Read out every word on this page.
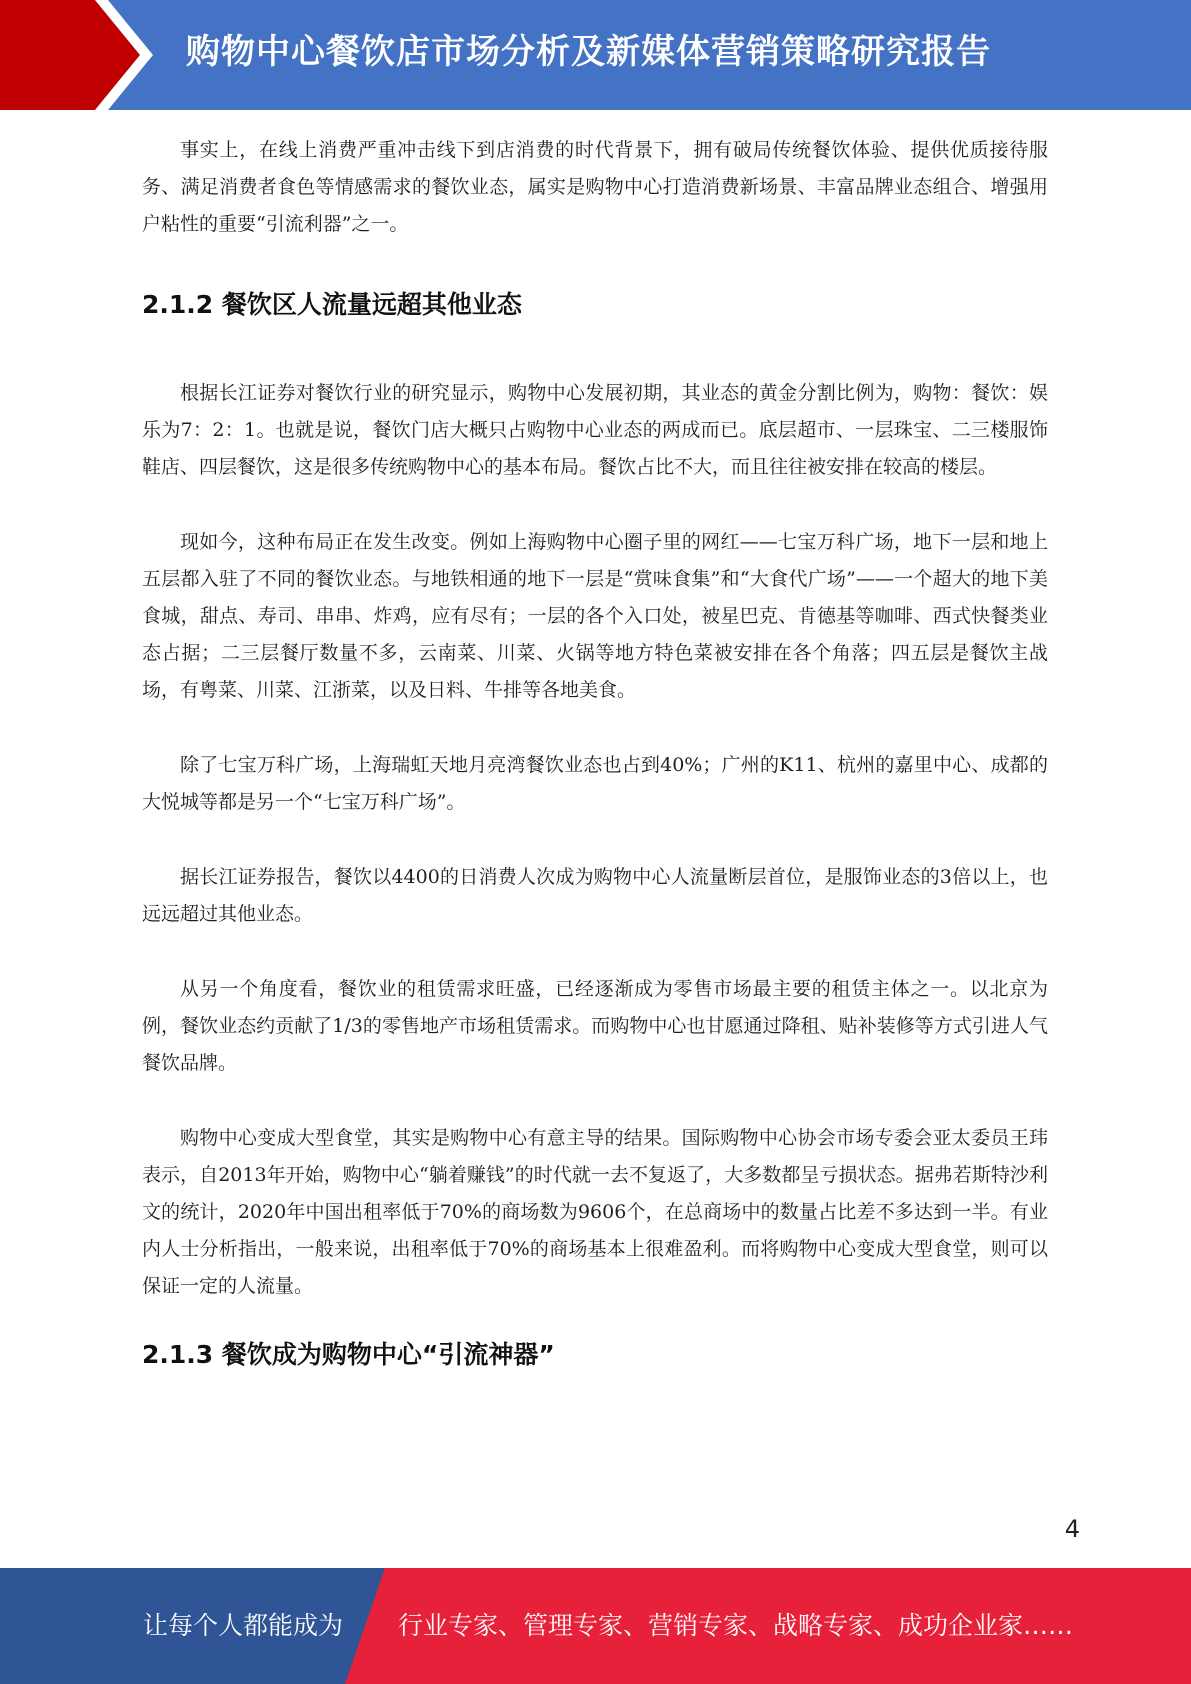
购物中心餐饮店市场分析及新媒体营销策略研究报告

事实上，在线上消费严重冲击线下到店消费的时代背景下，拥有破局传统餐饮体验、提供优质接待服务、满足消费者食色等情感需求的餐饮业态，属实是购物中心打造消费新场景、丰富品牌业态组合、增强用户粘性的重要“引流利器”之一。

2.1.2 餐饮区人流量远超其他业态

根据长江证券对餐饮行业的研究显示，购物中心发展初期，其业态的黄金分割比例为，购物：餐饮：娱乐为7：2：1。也就是说，餐饮门店大概只占购物中心业态的两成而已。底层超市、一层珠宝、二三楼服饰鞋店、四层餐饮，这是很多传统购物中心的基本布局。餐饮占比不大，而且往往被安排在较高的楼层。

现如今，这种布局正在发生改变。例如上海购物中心圈子里的网红——七宝万科广场，地下一层和地上五层都入驻了不同的餐饮业态。与地铁相通的地下一层是“赏味食集”和“大食代广场”——一个超大的地下美食城，甜点、寿司、串串、炸鸡，应有尽有；一层的各个入口处，被星巴克、肯德基等咖啡、西式快餐类业态占据；二三层餐厅数量不多，云南菜、川菜、火锅等地方特色菜被安排在各个角落；四五层是餐饮主战场，有粤菜、川菜、江浙菜，以及日料、牛排等各地美食。

除了七宝万科广场，上海瑞虹天地月亮湾餐饮业态也占到40%；广州的K11、杭州的嘉里中心、成都的大悦城等都是另一个“七宝万科广场”。

据长江证券报告，餐饮以4400的日消费人次成为购物中心人流量断层首位，是服饰业态的3倍以上，也远远超过其他业态。

从另一个角度看，餐饮业的租赁需求旺盛，已经逐渐成为零售市场最主要的租赁主体之一。以北京为例，餐饮业态约贡献了1/3的零售地产市场租赁需求。而购物中心也甘愿通过降租、贴补装修等方式引进人气餐饮品牌。

购物中心变成大型食堂，其实是购物中心有意主导的结果。国际购物中心协会市场专委会亚太委员王玮表示，自2013年开始，购物中心“躺着赚钱”的时代就一去不复返了，大多数都呈亏损状态。据弗若斯特沙利文的统计，2020年中国出租率低于70%的商场数为9606个，在总商场中的数量占比差不多达到一半。有业内人士分析指出，一般来说，出租率低于70%的商场基本上很难盈利。而将购物中心变成大型食堂，则可以保证一定的人流量。

2.1.3 餐饮成为购物中心“引流神器”
4
让每个人都能成为 行业专家、管理专家、营销专家、战略专家、成功企业家……
